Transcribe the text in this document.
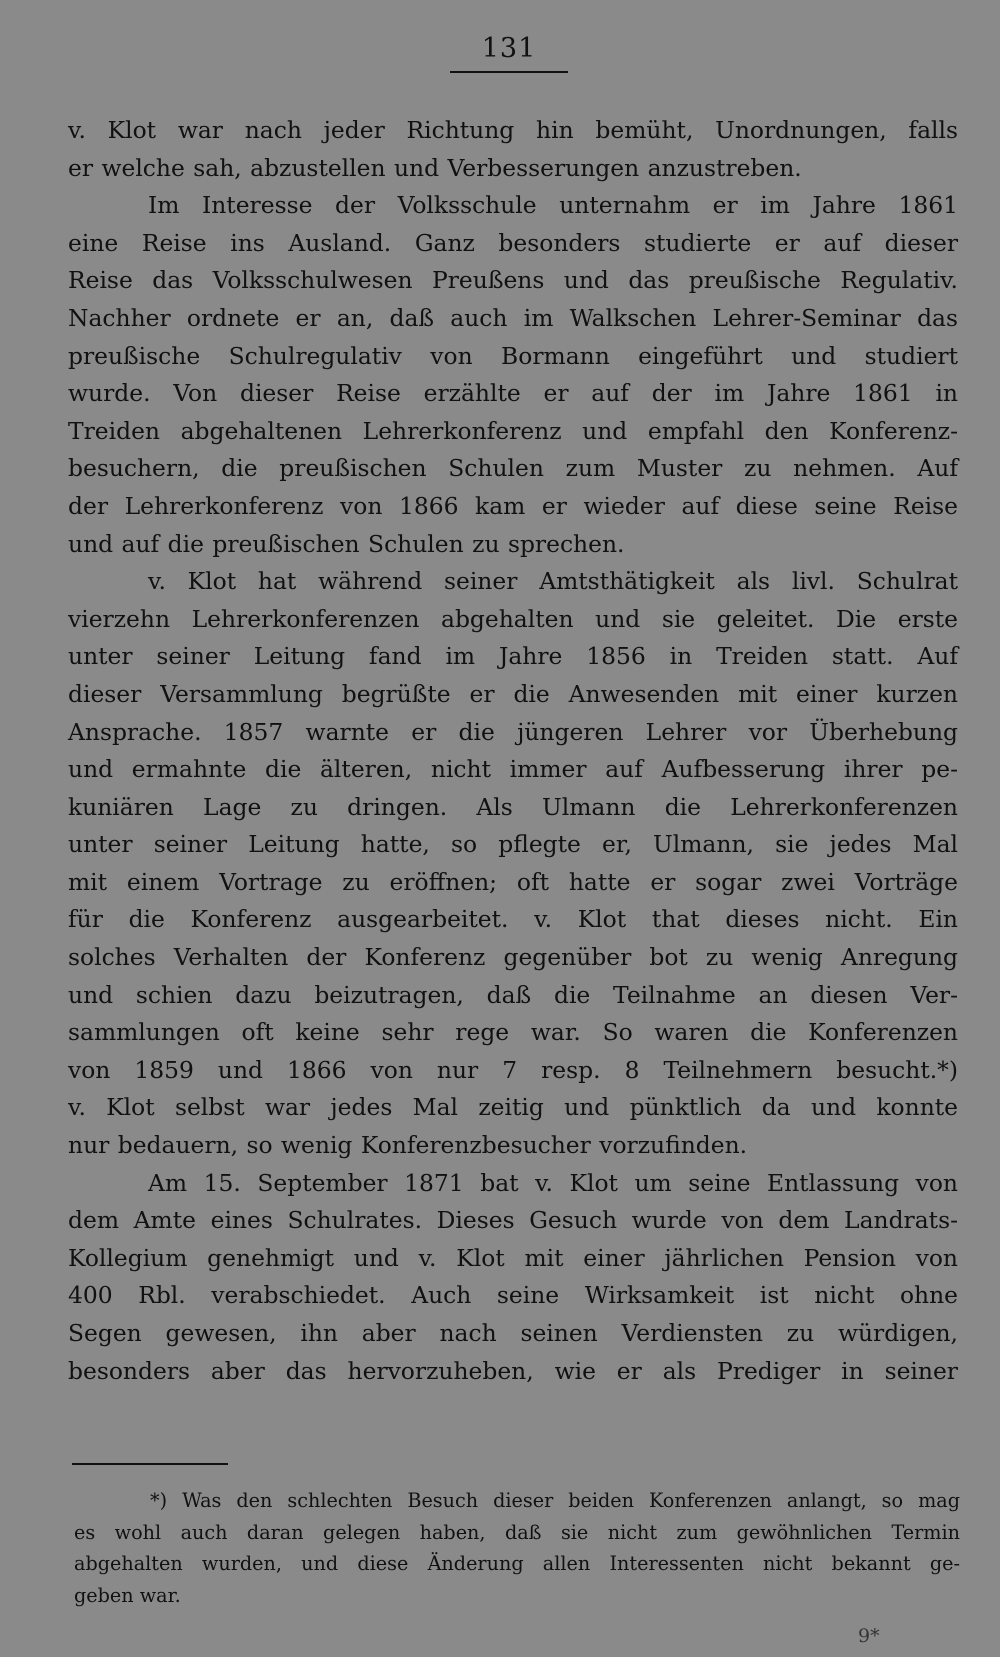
131
v. Klot war nach jeder Richtung hin bemüht, Unordnungen, falls
er welche sah, abzustellen und Verbesserungen anzustreben.
Im Interesse der Volksschule unternahm er im Jahre 1861
eine Reise ins Ausland. Ganz besonders studierte er auf dieser
Reise das Volksschulwesen Preußens und das preußische Regulativ.
Nachher ordnete er an, daß auch im Walkschen Lehrer-Seminar das
preußische Schulregulativ von Bormann eingeführt und studiert
wurde. Von dieser Reise erzählte er auf der im Jahre 1861 in
Treiden abgehaltenen Lehrerkonferenz und empfahl den Konferenz-
besuchern, die preußischen Schulen zum Muster zu nehmen. Auf
der Lehrerkonferenz von 1866 kam er wieder auf diese seine Reise
und auf die preußischen Schulen zu sprechen.
v. Klot hat während seiner Amtsthätigkeit als livl. Schulrat
vierzehn Lehrerkonferenzen abgehalten und sie geleitet. Die erste
unter seiner Leitung fand im Jahre 1856 in Treiden statt. Auf
dieser Versammlung begrüßte er die Anwesenden mit einer kurzen
Ansprache. 1857 warnte er die jüngeren Lehrer vor Überhebung
und ermahnte die älteren, nicht immer auf Aufbesserung ihrer pe-
kuniären Lage zu dringen. Als Ulmann die Lehrerkonferenzen
unter seiner Leitung hatte, so pflegte er, Ulmann, sie jedes Mal
mit einem Vortrage zu eröffnen; oft hatte er sogar zwei Vorträge
für die Konferenz ausgearbeitet. v. Klot that dieses nicht. Ein
solches Verhalten der Konferenz gegenüber bot zu wenig Anregung
und schien dazu beizutragen, daß die Teilnahme an diesen Ver-
sammlungen oft keine sehr rege war. So waren die Konferenzen
von 1859 und 1866 von nur 7 resp. 8 Teilnehmern besucht.*)
v. Klot selbst war jedes Mal zeitig und pünktlich da und konnte
nur bedauern, so wenig Konferenzbesucher vorzufinden.
Am 15. September 1871 bat v. Klot um seine Entlassung von
dem Amte eines Schulrates. Dieses Gesuch wurde von dem Landrats-
Kollegium genehmigt und v. Klot mit einer jährlichen Pension von
400 Rbl. verabschiedet. Auch seine Wirksamkeit ist nicht ohne
Segen gewesen, ihn aber nach seinen Verdiensten zu würdigen,
besonders aber das hervorzuheben, wie er als Prediger in seiner
*) Was den schlechten Besuch dieser beiden Konferenzen anlangt, so mag
es wohl auch daran gelegen haben, daß sie nicht zum gewöhnlichen Termin
abgehalten wurden, und diese Änderung allen Interessenten nicht bekannt ge-
geben war.
9*
